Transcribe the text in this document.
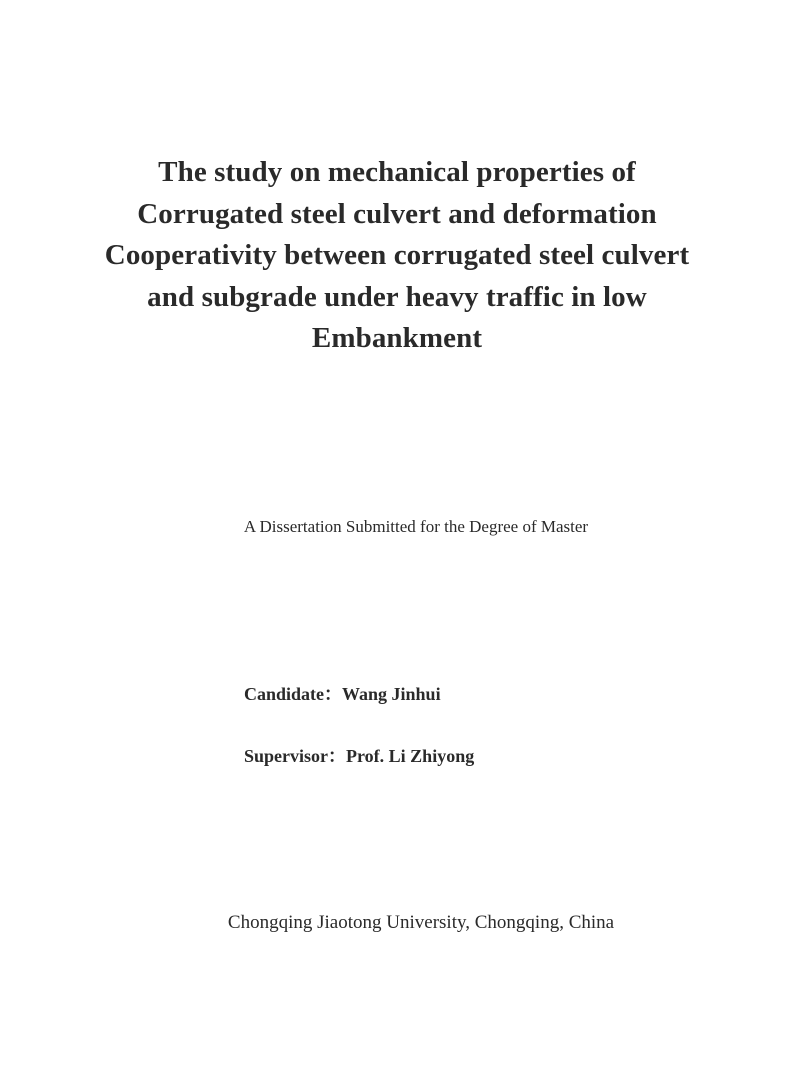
The study on mechanical properties of
Corrugated steel culvert and deformation
Cooperativity between corrugated steel culvert
and subgrade under heavy traffic in low
Embankment
A Dissertation Submitted for the Degree of Master
Candidate：Wang Jinhui
Supervisor：Prof. Li Zhiyong
Chongqing Jiaotong University, Chongqing, China
